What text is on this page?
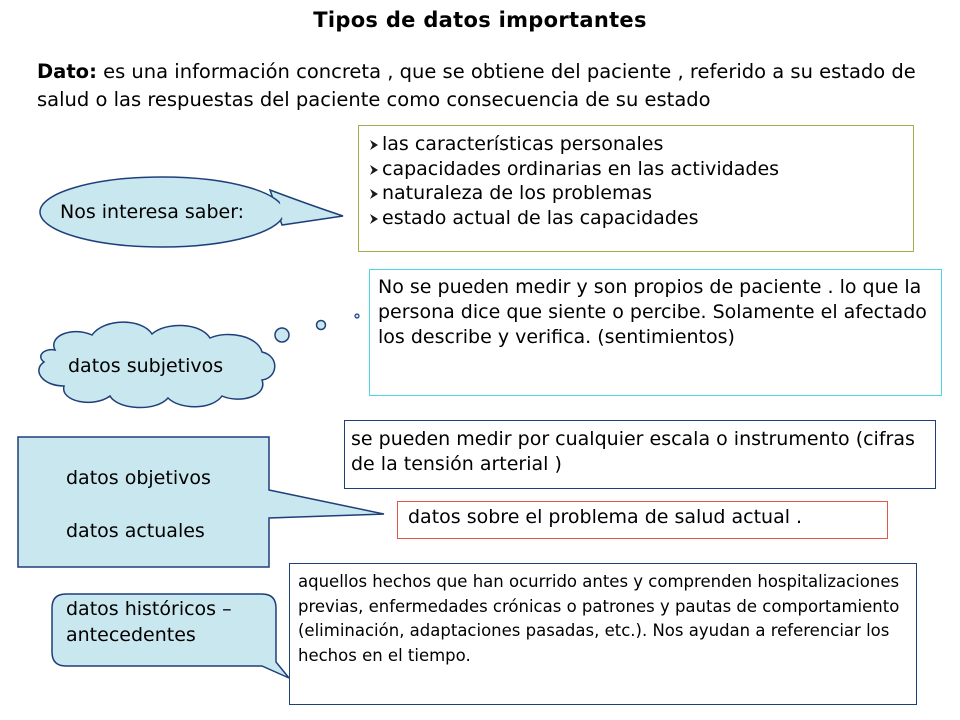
Tipos de datos importantes
Dato: es una información concreta , que se obtiene del paciente , referido a su estado de salud o las respuestas del paciente como consecuencia de su estado
Nos interesa saber:
datos subjetivos
datos objetivos
datos actuales
datos históricos –
antecedentes
las características personales
capacidades ordinarias en las actividades
naturaleza de los problemas
estado actual de las capacidades
No se pueden medir y son propios de paciente . lo que la persona dice que siente o percibe. Solamente el afectado los describe y verifica. (sentimientos)
se pueden medir por cualquier escala o instrumento (cifras de la tensión arterial )
datos sobre el problema de salud actual .
aquellos hechos que han ocurrido antes y comprenden hospitalizaciones previas, enfermedades crónicas o patrones y pautas de comportamiento (eliminación, adaptaciones pasadas, etc.). Nos ayudan a referenciar los hechos en el tiempo.
